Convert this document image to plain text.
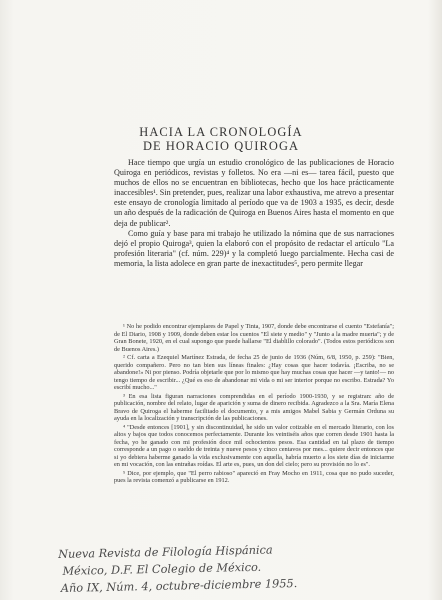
HACIA LA CRONOLOGÍA
DE HORACIO QUIROGA

Hace tiempo que urgía un estudio cronológico de las publicaciones de Horacio Quiroga en periódicos, revistas y folletos. No era —ni es— tarea fácil, puesto que muchos de ellos no se encuentran en bibliotecas, hecho que los hace prácticamente inaccesibles¹. Sin pretender, pues, realizar una labor exhaustiva, me atrevo a presentar este ensayo de cronología limitado al período que va de 1903 a 1935, es decir, desde un año después de la radicación de Quiroga en Buenos Aires hasta el momento en que deja de publicar².

Como guía y base para mi trabajo he utilizado la nómina que de sus narraciones dejó el propio Quiroga³, quien la elaboró con el propósito de redactar el artículo "La profesión literaria" (cf. núm. 229)⁴ y la completó luego parcialmente. Hecha casi de memoria, la lista adolece en gran parte de inexactitudes⁵, pero permite llegar

¹ No he podido encontrar ejemplares de Papel y Tinta, 1907, donde debe encontrarse el cuento "Estefanía"; de El Diario, 1908 y 1909, donde deben estar los cuentos "El siete y medio" y "Junto a la madre muerta"; y de Gran Bonete, 1920, en el cual supongo que puede hallarse "El diablillo colorado". (Todos estos periódicos son de Buenos Aires.)

² Cf. carta a Ezequiel Martínez Estrada, de fecha 25 de junio de 1936 (Núm, 6/8, 1950, p. 259): "Bien, querido compañero. Pero no tan bien sus líneas finales: ¿Hay cosas que hacer todavía. ¡Escriba, no se abandone!» Ni por pienso. Podría objetarle que por lo mismo que hay muchas cosas que hacer —y tanto!— no tengo tiempo de escribir... ¿Qué es eso de abandonar mi vida o mi ser interior porque no escribo. Estrada? Yo escribí mucho..."

³ En esa lista figuran narraciones comprendidas en el período 1900-1930, y se registran: año de publicación, nombre del relato, lugar de aparición y suma de dinero recibida. Agradezco a la Sra. María Elena Bravo de Quiroga el haberme facilitado el documento, y a mis amigos Mabel Sabia y Germán Orduna su ayuda en la localización y transcripción de las publicaciones.

⁴ "Desde entonces [1901], y sin discontinuidad, he sido un valor cotizable en el mercado literario, con los altos y bajos que todos conocemos perfectamente. Durante los veintiséis años que corren desde 1901 hasta la fecha, yo he ganado con mi profesión doce mil ochocientos pesos. Esa cantidad en tal plazo de tiempo corresponde a un pago o sueldo de treinta y nueve pesos y cinco centavos por mes... quiere decir entonces que si yo debiera haberme ganado la vida exclusivamente con aquella, habría muerto a los siete días de iniciarme en mi vocación, con las entrañas roídas. El arte es, pues, un don del cielo; pero su provisión no lo es".

⁵ Dice, por ejemplo, que "El perro rabioso" apareció en Fray Mocho en 1911, cosa que no pudo suceder, pues la revista comenzó a publicarse en 1912.

Nueva Revista de Filología Hispánica
México, D.F. El Colegio de México.
Año IX, Núm. 4, octubre-diciembre 1955.
